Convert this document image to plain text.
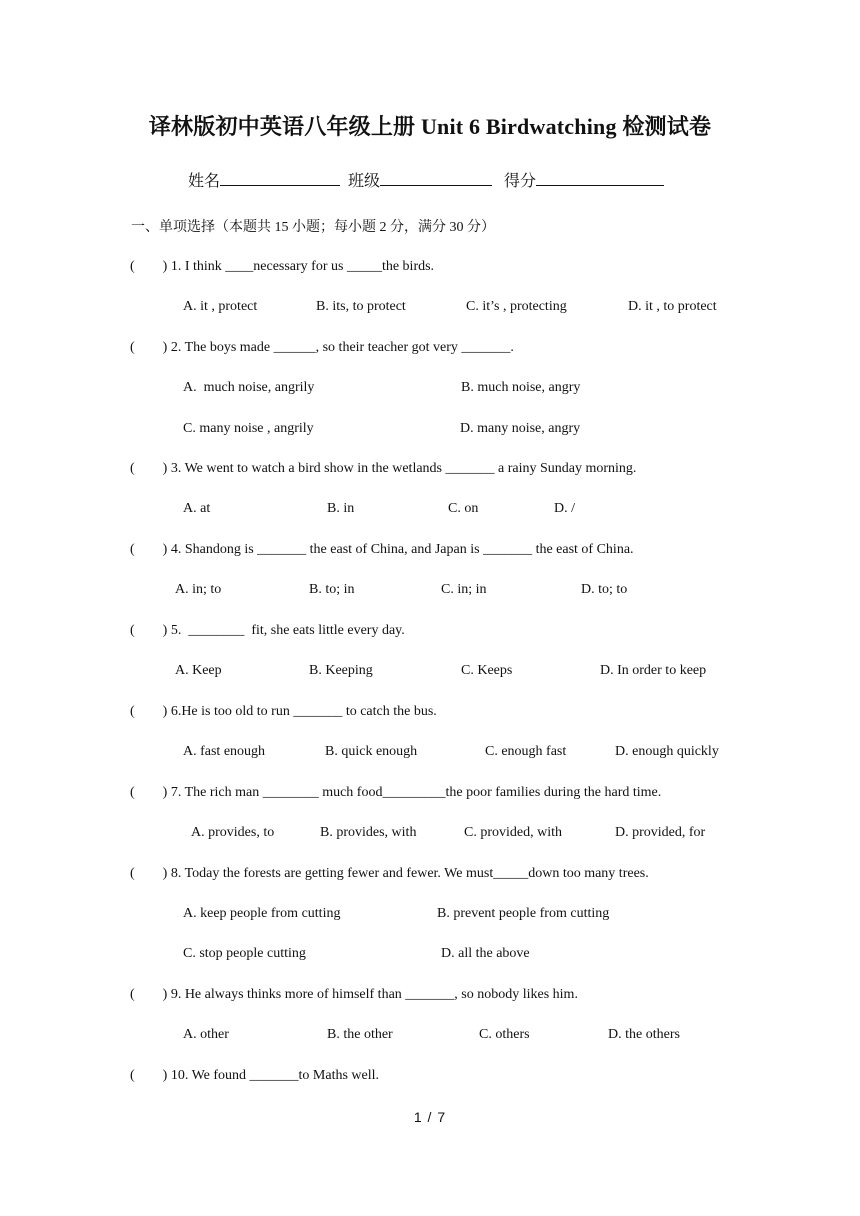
译林版初中英语八年级上册 Unit 6 Birdwatching 检测试卷
姓名	班级	得分
一、单项选择（本题共 15 小题；每小题 2 分，满分 30 分）
(        ) 1. I think ____necessary for us _____the birds.
A. it , protect	B. its, to protect	C. it’s , protecting	D. it , to protect
(        ) 2. The boys made ______, so their teacher got very _______.
A.  much noise, angrily	B. much noise, angry
C. many noise , angrily	D. many noise, angry
(        ) 3. We went to watch a bird show in the wetlands _______ a rainy Sunday morning.
A. at	B. in	C. on	D. /
(        ) 4. Shandong is _______ the east of China, and Japan is _______ the east of China.
A. in; to	B. to; in	C. in; in	D. to; to
(        ) 5.  ________  fit, she eats little every day.
A. Keep	B. Keeping	C. Keeps	D. In order to keep
(        ) 6.He is too old to run _______ to catch the bus.
A. fast enough	B. quick enough	C. enough fast	D. enough quickly
(        ) 7. The rich man ________ much food_________the poor families during the hard time.
A. provides, to	B. provides, with	C. provided, with	D. provided, for
(        ) 8. Today the forests are getting fewer and fewer. We must_____down too many trees.
A. keep people from cutting	B. prevent people from cutting
C. stop people cutting	D. all the above
(        ) 9. He always thinks more of himself than _______, so nobody likes him.
A. other	B. the other	C. others	D. the others
(        ) 10. We found _______to Maths well.
1 / 7
